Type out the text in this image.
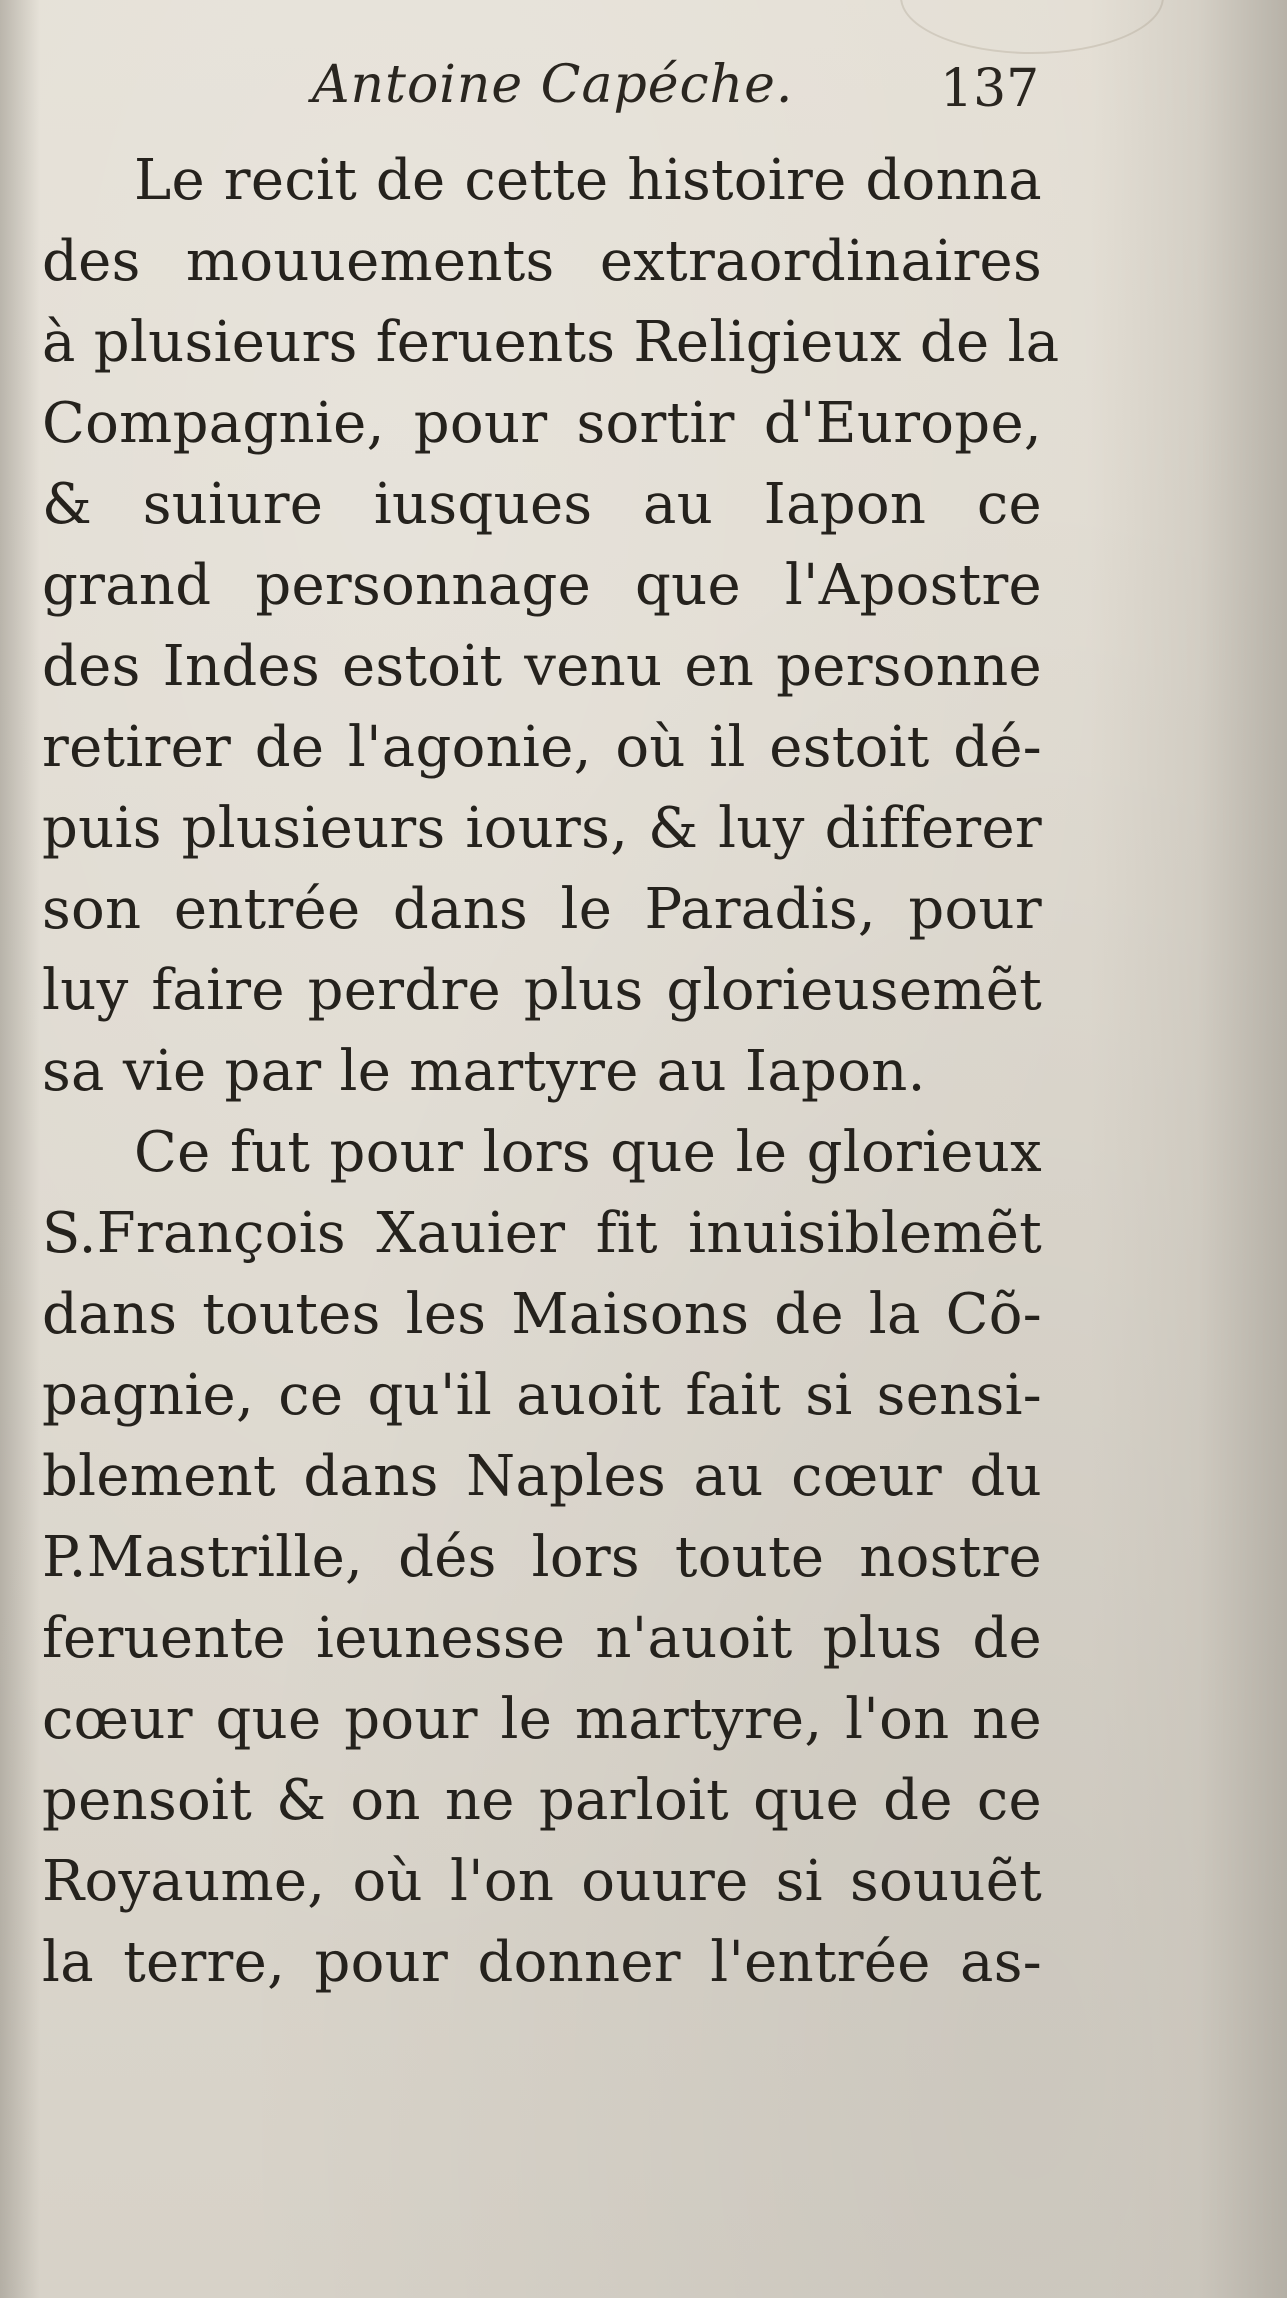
Antoine Capéche.	137
Le recit de cette histoire donna
des mouuements extraordinaires
à plusieurs feruents Religieux de la
Compagnie, pour sortir d'Europe,
& suiure iusques au Iapon ce
grand personnage que l'Apostre
des Indes estoit venu en personne
retirer de l'agonie, où il estoit dé-
puis plusieurs iours, & luy differer
son entrée dans le Paradis, pour
luy faire perdre plus glorieusemẽt
sa vie par le martyre au Iapon.
Ce fut pour lors que le glorieux
S.François Xauier fit inuisiblemẽt
dans toutes les Maisons de la Cõ-
pagnie, ce qu'il auoit fait si sensi-
blement dans Naples au cœur du
P.Mastrille, dés lors toute nostre
feruente ieunesse n'auoit plus de
cœur que pour le martyre, l'on ne
pensoit & on ne parloit que de ce
Royaume, où l'on ouure si souuẽt
la terre, pour donner l'entrée as-
